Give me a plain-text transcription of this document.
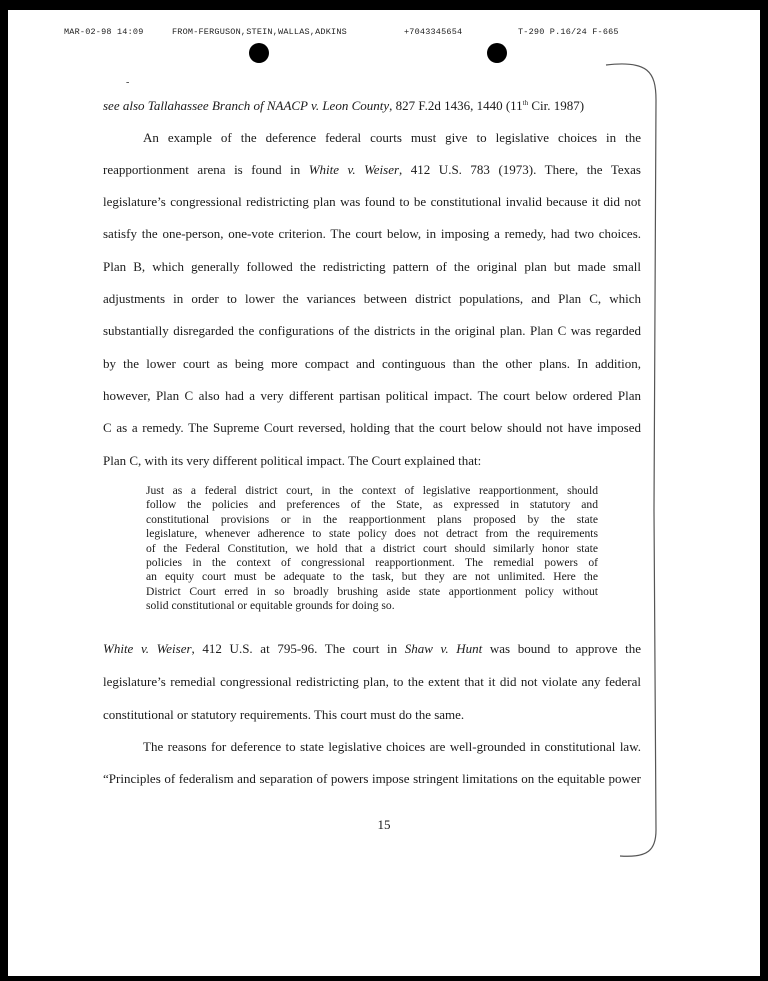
MAR-02-98 14:09	FROM-FERGUSON,STEIN,WALLAS,ADKINS	+7043345654	T-290 P.16/24 F-665
-
see also Tallahassee Branch of NAACP v. Leon County, 827 F.2d 1436, 1440 (11th Cir. 1987)
An example of the deference federal courts must give to legislative choices in the
reapportionment arena is found in White v. Weiser, 412 U.S. 783 (1973). There, the Texas
legislature’s congressional redistricting plan was found to be constitutional invalid because it did not
satisfy the one-person, one-vote criterion. The court below, in imposing a remedy, had two choices.
Plan B, which generally followed the redistricting pattern of the original plan but made small
adjustments in order to lower the variances between district populations, and Plan C, which
substantially disregarded the configurations of the districts in the original plan. Plan C was regarded
by the lower court as being more compact and continguous than the other plans. In addition,
however, Plan C also had a very different partisan political impact. The court below ordered Plan
C as a remedy. The Supreme Court reversed, holding that the court below should not have imposed
Plan C, with its very different political impact. The Court explained that:
Just as a federal district court, in the context of legislative reapportionment, should
follow the policies and preferences of the State, as expressed in statutory and
constitutional provisions or in the reapportionment plans proposed by the state
legislature, whenever adherence to state policy does not detract from the requirements
of the Federal Constitution, we hold that a district court should similarly honor state
policies in the context of congressional reapportionment. The remedial powers of
an equity court must be adequate to the task, but they are not unlimited. Here the
District Court erred in so broadly brushing aside state apportionment policy without
solid constitutional or equitable grounds for doing so.
White v. Weiser, 412 U.S. at 795-96. The court in Shaw v. Hunt was bound to approve the
legislature’s remedial congressional redistricting plan, to the extent that it did not violate any federal
constitutional or statutory requirements. This court must do the same.
The reasons for deference to state legislative choices are well-grounded in constitutional law.
“Principles of federalism and separation of powers impose stringent limitations on the equitable power
15
